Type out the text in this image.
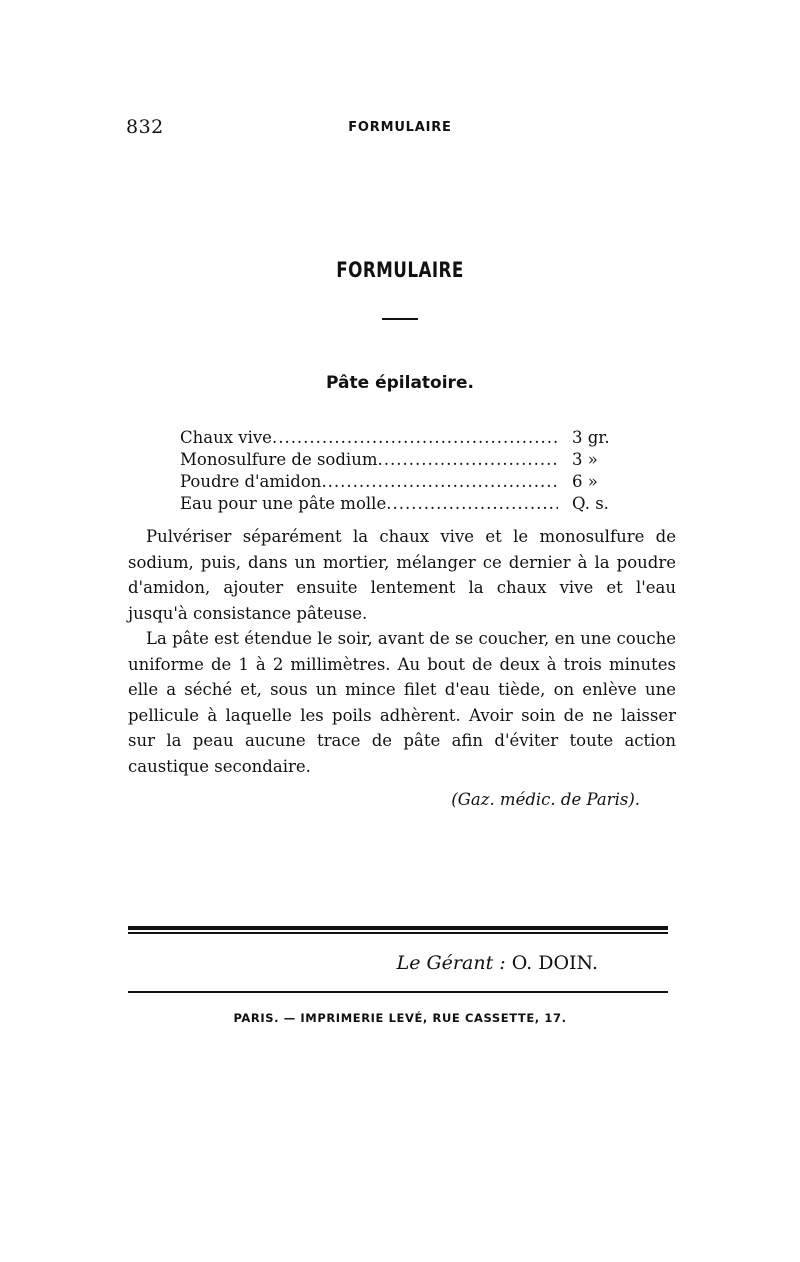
832	FORMULAIRE
FORMULAIRE
Pâte épilatoire.
Chaux vive .....	3 gr.
Monosulfure de sodium .....	3 »
Poudre d'amidon .....	6 »
Eau pour une pâte molle .....	Q. s.

Pulvériser séparément la chaux vive et le monosulfure de sodium, puis, dans un mortier, mélanger ce dernier à la poudre d'amidon, ajouter ensuite lentement la chaux vive et l'eau jusqu'à consistance pâteuse.

La pâte est étendue le soir, avant de se coucher, en une couche uniforme de 1 à 2 millimètres. Au bout de deux à trois minutes elle a séché et, sous un mince filet d'eau tiède, on enlève une pellicule à laquelle les poils adhèrent. Avoir soin de ne laisser sur la peau aucune trace de pâte afin d'éviter toute action caustique secondaire.

(Gaz. médic. de Paris).
Le Gérant : O. DOIN.
PARIS. — IMPRIMERIE LEVÉ, RUE CASSETTE, 17.
